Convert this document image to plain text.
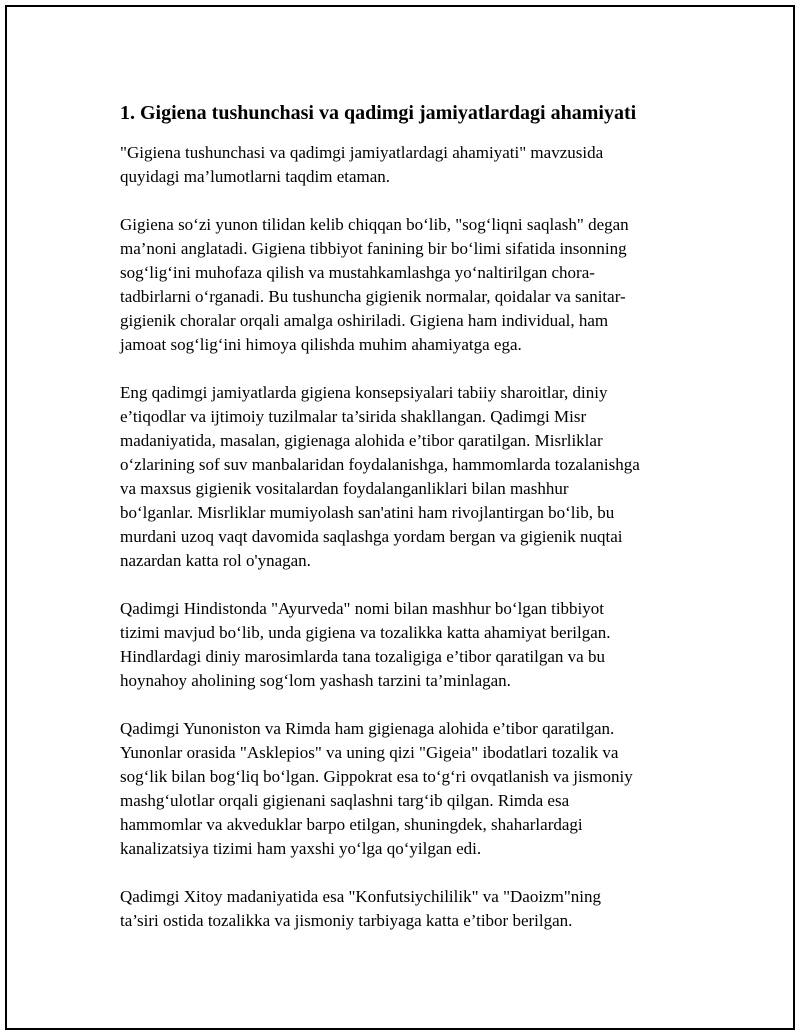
1. Gigiena tushunchasi va qadimgi jamiyatlardagi ahamiyati

"Gigiena tushunchasi va qadimgi jamiyatlardagi ahamiyati" mavzusida
quyidagi ma’lumotlarni taqdim etaman.

Gigiena so‘zi yunon tilidan kelib chiqqan bo‘lib, "sog‘liqni saqlash" degan
ma’noni anglatadi. Gigiena tibbiyot fanining bir bo‘limi sifatida insonning
sog‘lig‘ini muhofaza qilish va mustahkamlashga yo‘naltirilgan chora-
tadbirlarni o‘rganadi. Bu tushuncha gigienik normalar, qoidalar va sanitar-
gigienik choralar orqali amalga oshiriladi. Gigiena ham individual, ham
jamoat sog‘lig‘ini himoya qilishda muhim ahamiyatga ega.

Eng qadimgi jamiyatlarda gigiena konsepsiyalari tabiiy sharoitlar, diniy
e’tiqodlar va ijtimoiy tuzilmalar ta’sirida shakllangan. Qadimgi Misr
madaniyatida, masalan, gigienaga alohida e’tibor qaratilgan. Misrliklar
o‘zlarining sof suv manbalaridan foydalanishga, hammomlarda tozalanishga
va maxsus gigienik vositalardan foydalanganliklari bilan mashhur
bo‘lganlar. Misrliklar mumiyolash san'atini ham rivojlantirgan bo‘lib, bu
murdani uzoq vaqt davomida saqlashga yordam bergan va gigienik nuqtai
nazardan katta rol o'ynagan.

Qadimgi Hindistonda "Ayurveda" nomi bilan mashhur bo‘lgan tibbiyot
tizimi mavjud bo‘lib, unda gigiena va tozalikka katta ahamiyat berilgan.
Hindlardagi diniy marosimlarda tana tozaligiga e’tibor qaratilgan va bu
hoynahoy aholining sog‘lom yashash tarzini ta’minlagan.

Qadimgi Yunoniston va Rimda ham gigienaga alohida e’tibor qaratilgan.
Yunonlar orasida "Asklepios" va uning qizi "Gigeia" ibodatlari tozalik va
sog‘lik bilan bog‘liq bo‘lgan. Gippokrat esa to‘g‘ri ovqatlanish va jismoniy
mashg‘ulotlar orqali gigienani saqlashni targ‘ib qilgan. Rimda esa
hammomlar va akveduklar barpo etilgan, shuningdek, shaharlardagi
kanalizatsiya tizimi ham yaxshi yo‘lga qo‘yilgan edi.

Qadimgi Xitoy madaniyatida esa "Konfutsiychililik" va "Daoizm"ning
ta’siri ostida tozalikka va jismoniy tarbiyaga katta e’tibor berilgan.
